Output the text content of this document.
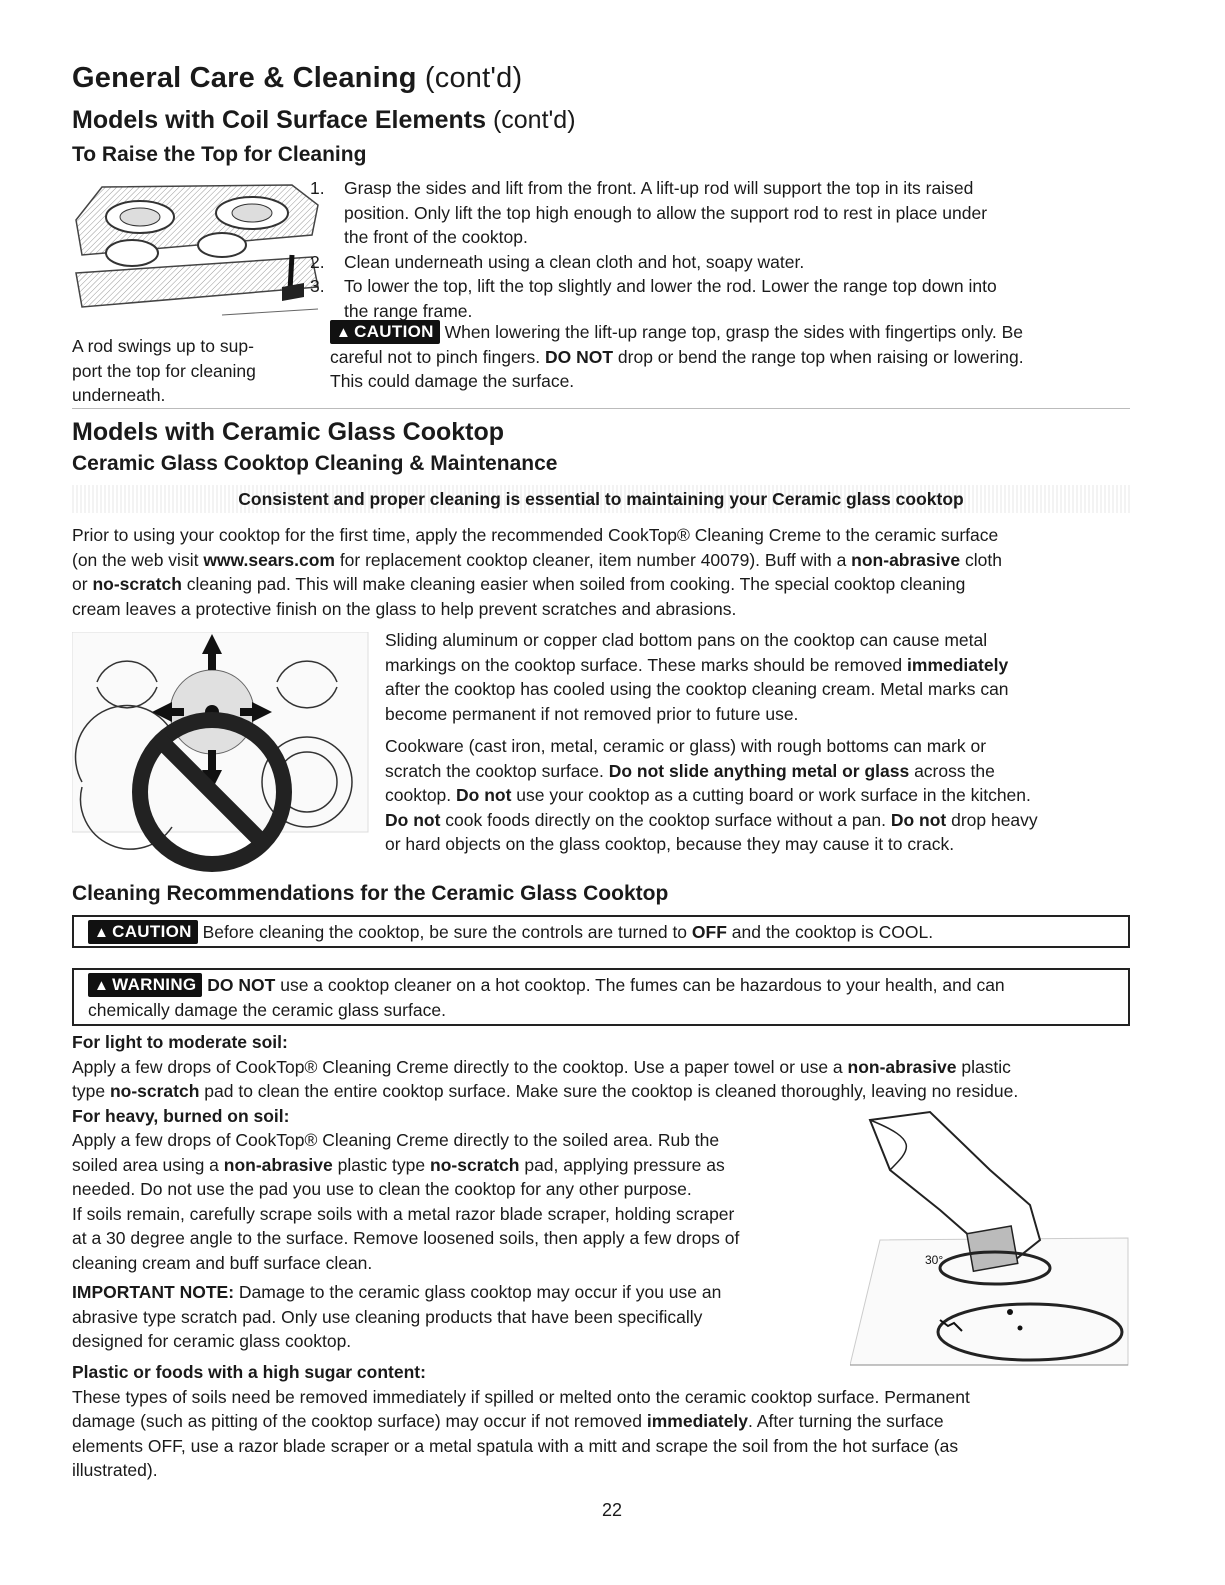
General Care & Cleaning (cont'd)
Models with Coil Surface Elements (cont'd)
To Raise the Top for Cleaning
A rod swings up to sup-
port the top for cleaning
underneath.
1. Grasp the sides and lift from the front. A lift-up rod will support the top in its raised
position. Only lift the top high enough to allow the support rod to rest in place under
the front of the cooktop.
2. Clean underneath using a clean cloth and hot, soapy water.
3. To lower the top, lift the top slightly and lower the rod. Lower the range top down into
the range frame.
▲ CAUTION When lowering the lift-up range top, grasp the sides with fingertips only. Be
careful not to pinch fingers. DO NOT drop or bend the range top when raising or lowering.
This could damage the surface.
Models with Ceramic Glass Cooktop
Ceramic Glass Cooktop Cleaning & Maintenance
Consistent and proper cleaning is essential to maintaining your Ceramic glass cooktop
Prior to using your cooktop for the first time, apply the recommended CookTop® Cleaning Creme to the ceramic surface
(on the web visit www.sears.com for replacement cooktop cleaner, item number 40079). Buff with a non-abrasive cloth
or no-scratch cleaning pad. This will make cleaning easier when soiled from cooking. The special cooktop cleaning
cream leaves a protective finish on the glass to help prevent scratches and abrasions.
Sliding aluminum or copper clad bottom pans on the cooktop can cause metal
markings on the cooktop surface. These marks should be removed immediately
after the cooktop has cooled using the cooktop cleaning cream. Metal marks can
become permanent if not removed prior to future use.
Cookware (cast iron, metal, ceramic or glass) with rough bottoms can mark or
scratch the cooktop surface. Do not slide anything metal or glass across the
cooktop. Do not use your cooktop as a cutting board or work surface in the kitchen.
Do not cook foods directly on the cooktop surface without a pan. Do not drop heavy
or hard objects on the glass cooktop, because they may cause it to crack.
Cleaning Recommendations for the Ceramic Glass Cooktop
▲ CAUTION Before cleaning the cooktop, be sure the controls are turned to OFF and the cooktop is COOL.
▲ WARNING DO NOT use a cooktop cleaner on a hot cooktop. The fumes can be hazardous to your health, and can
chemically damage the ceramic glass surface.
For light to moderate soil:
Apply a few drops of CookTop® Cleaning Creme directly to the cooktop. Use a paper towel or use a non-abrasive plastic
type no-scratch pad to clean the entire cooktop surface. Make sure the cooktop is cleaned thoroughly, leaving no residue.
For heavy, burned on soil:
Apply a few drops of CookTop® Cleaning Creme directly to the soiled area. Rub the
soiled area using a non-abrasive plastic type no-scratch pad, applying pressure as
needed. Do not use the pad you use to clean the cooktop for any other purpose.
If soils remain, carefully scrape soils with a metal razor blade scraper, holding scraper
at a 30 degree angle to the surface. Remove loosened soils, then apply a few drops of
cleaning cream and buff surface clean.
IMPORTANT NOTE: Damage to the ceramic glass cooktop may occur if you use an
abrasive type scratch pad. Only use cleaning products that have been specifically
designed for ceramic glass cooktop.
30°
Plastic or foods with a high sugar content:
These types of soils need be removed immediately if spilled or melted onto the ceramic cooktop surface. Permanent
damage (such as pitting of the cooktop surface) may occur if not removed immediately. After turning the surface
elements OFF, use a razor blade scraper or a metal spatula with a mitt and scrape the soil from the hot surface (as
illustrated).
22
